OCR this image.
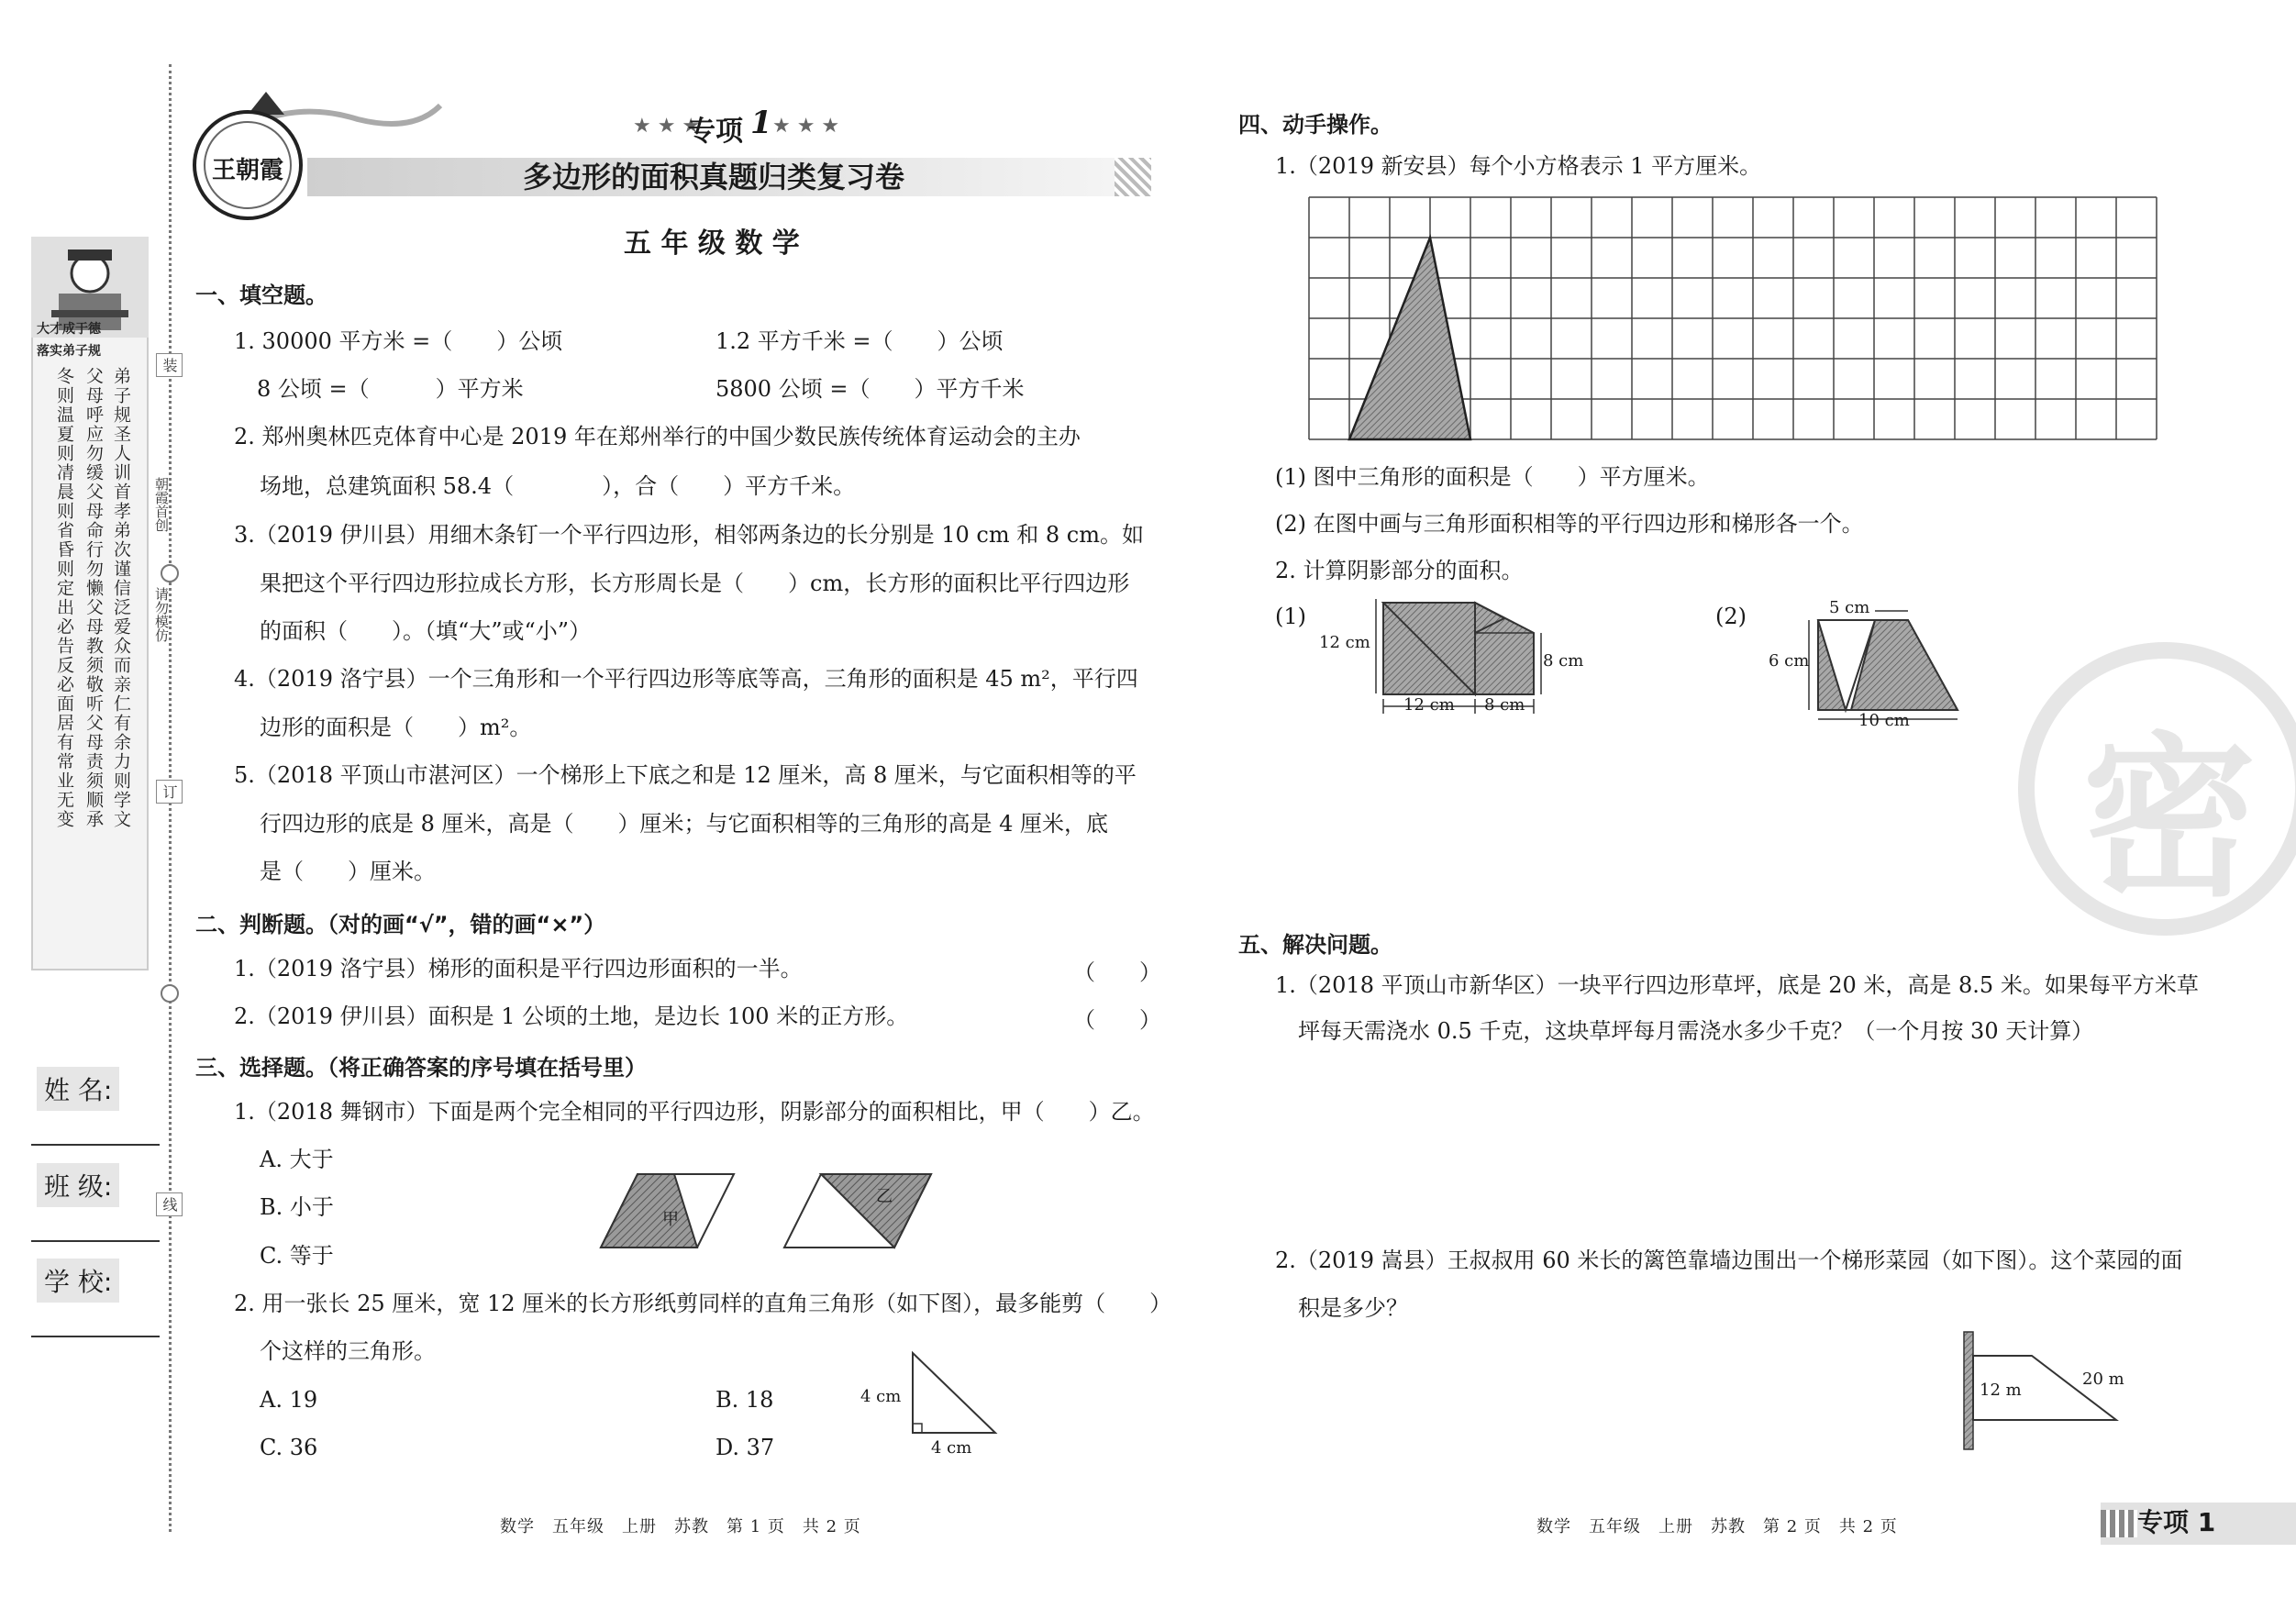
装
订
线
朝霞首创
请勿模仿
大才成于德
落实弟子规
弟子规圣人训首孝弟次谨信泛爱众而亲仁有余力则学文
父母呼应勿缓父母命行勿懒父母教须敬听父母责须顺承
冬则温夏则凊晨则省昏则定出必告反必面居有常业无变
姓 名:
班 级:
学 校:
王朝霞
★ ★ ★
专项 1 ★ ★ ★
多边形的面积真题归类复习卷
五 年 级 数 学
一、填空题。
1. 30000 平方米 =（　　）公顷	1.2 平方千米 =（　　）公顷
8 公顷 =（　　　）平方米	5800 公顷 =（　　）平方千米
2. 郑州奥林匹克体育中心是 2019 年在郑州举行的中国少数民族传统体育运动会的主办
场地，总建筑面积 58.4（　　　　），合（　　）平方千米。
3.（2019 伊川县）用细木条钉一个平行四边形，相邻两条边的长分别是 10 cm 和 8 cm。如
果把这个平行四边形拉成长方形，长方形周长是（　　）cm，长方形的面积比平行四边形
的面积（　　）。（填“大”或“小”）
4.（2019 洛宁县）一个三角形和一个平行四边形等底等高，三角形的面积是 45 m²，平行四
边形的面积是（　　）m²。
5.（2018 平顶山市湛河区）一个梯形上下底之和是 12 厘米，高 8 厘米，与它面积相等的平
行四边形的底是 8 厘米，高是（　　）厘米；与它面积相等的三角形的高是 4 厘米，底
是（　　）厘米。
二、判断题。（对的画“√”，错的画“×”）
1.（2019 洛宁县）梯形的面积是平行四边形面积的一半。	（　　）
2.（2019 伊川县）面积是 1 公顷的土地，是边长 100 米的正方形。	（　　）
三、选择题。（将正确答案的序号填在括号里）
1.（2018 舞钢市）下面是两个完全相同的平行四边形，阴影部分的面积相比，甲（　　）乙。
A. 大于
B. 小于
C. 等于
甲
乙
2. 用一张长 25 厘米，宽 12 厘米的长方形纸剪同样的直角三角形（如下图），最多能剪（　　）
个这样的三角形。
A. 19	B. 18
C. 36	D. 37
4 cm
4 cm
数学　五年级　上册　苏教　第 1 页　共 2 页
密
四、动手操作。
1.（2019 新安县）每个小方格表示 1 平方厘米。
(1) 图中三角形的面积是（　　）平方厘米。
(2) 在图中画与三角形面积相等的平行四边形和梯形各一个。
2. 计算阴影部分的面积。
(1)
12 cm
8 cm
12 cm 8 cm
(2)	5 cm
6 cm
10 cm
五、解决问题。
1.（2018 平顶山市新华区）一块平行四边形草坪，底是 20 米，高是 8.5 米。如果每平方米草
坪每天需浇水 0.5 千克，这块草坪每月需浇水多少千克？（一个月按 30 天计算）
2.（2019 嵩县）王叔叔用 60 米长的篱笆靠墙边围出一个梯形菜园（如下图）。这个菜园的面
积是多少？
12 m
20 m
数学　五年级　上册　苏教　第 2 页　共 2 页	专项 1
